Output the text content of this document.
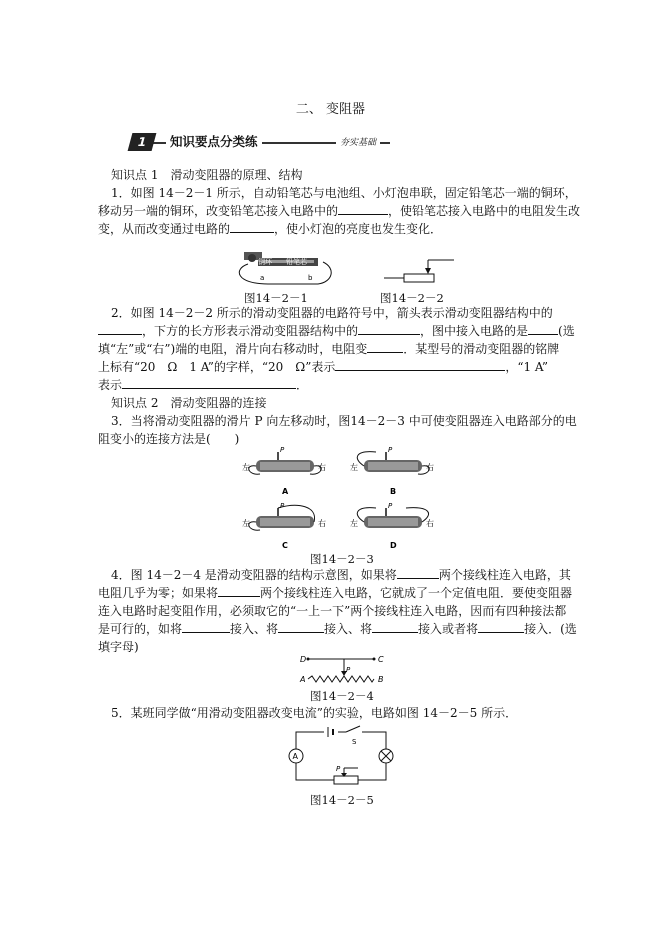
二、 变阻器
1	知识要点分类练	夯实基础
知识点 1　滑动变阻器的原理、结构
1．如图 14－2－1 所示，自动铅笔芯与电池组、小灯泡串联，固定铅笔芯一端的铜环，
移动另一端的铜环，改变铅笔芯接入电路中的	，使铅笔芯接入电路中的电阻发生改
变，从而改变通过电路的	，使小灯泡的亮度也发生变化．
铜环 铅笔芯
a	b
图14－2－1	图14－2－2
2．如图 14－2－2 所示的滑动变阻器的电路符号中，箭头表示滑动变阻器结构中的
，下方的长方形表示滑动变阻器结构中的	，图中接入电路的是	(选
填“左”或“右”)端的电阻，滑片向右移动时，电阻变	．某型号的滑动变阻器的铭牌
上标有“20　Ω　1 A”的字样，“20　Ω”表示	，“1 A”
表示	．
知识点 2　滑动变阻器的连接
3．当将滑动变阻器的滑片 P 向左移动时，图14－2－3 中可使变阻器连入电路部分的电
阻变小的连接方法是(　　)
左	右
P
A
左	右
P
B
左	右
P
C
左	右
P
D
图14－2－3
4．图 14－2－4 是滑动变阻器的结构示意图，如果将	两个接线柱连入电路，其
电阻几乎为零；如果将	两个接线柱连入电路，它就成了一个定值电阻．要使变阻器
连入电路时起变阻作用，必须取它的“一上一下”两个接线柱连入电路，因而有四种接法都
是可行的，如将	接入、将	接入、将	接入或者将	接入．(选
填字母)
D	C
P
A	B
图14－2－4
5．某班同学做“用滑动变阻器改变电流”的实验，电路如图 14－2－5 所示．
S
A
P
图14－2－5
